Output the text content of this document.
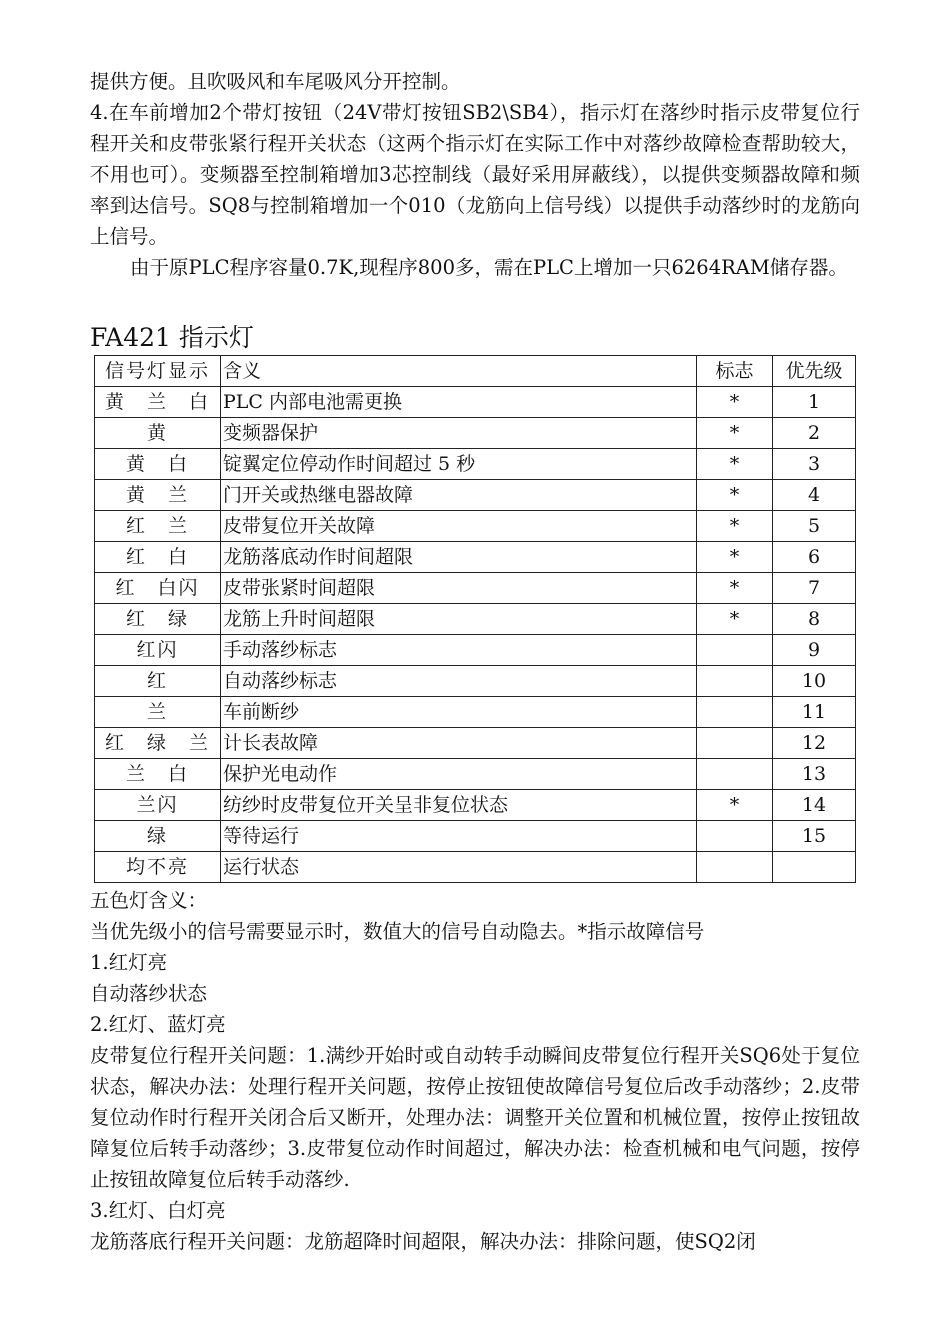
提供方便。且吹吸风和车尾吸风分开控制。

4.在车前增加2个带灯按钮（24V带灯按钮SB2\SB4），指示灯在落纱时指示皮带复位行程开关和皮带张紧行程开关状态（这两个指示灯在实际工作中对落纱故障检查帮助较大，不用也可）。变频器至控制箱增加3芯控制线（最好采用屏蔽线），以提供变频器故障和频率到达信号。SQ8与控制箱增加一个010（龙筋向上信号线）以提供手动落纱时的龙筋向上信号。

由于原PLC程序容量0.7K,现程序800多，需在PLC上增加一只6264RAM储存器。

FA421 指示灯
信号灯显示	含义	标志	优先级
黄　兰　白	PLC 内部电池需更换	*	1
黄	变频器保护	*	2
黄　白	锭翼定位停动作时间超过 5 秒	*	3
黄　兰	门开关或热继电器故障	*	4
红　兰	皮带复位开关故障	*	5
红　白	龙筋落底动作时间超限	*	6
红　白闪	皮带张紧时间超限	*	7
红　绿	龙筋上升时间超限	*	8
红闪	手动落纱标志		9
红	自动落纱标志		10
兰	车前断纱		11
红　绿　兰	计长表故障		12
兰　白	保护光电动作		13
兰闪	纺纱时皮带复位开关呈非复位状态	*	14
绿	等待运行		15
均不亮	运行状态		

五色灯含义：

当优先级小的信号需要显示时，数值大的信号自动隐去。*指示故障信号

1.红灯亮

自动落纱状态

2.红灯、蓝灯亮

皮带复位行程开关问题：1.满纱开始时或自动转手动瞬间皮带复位行程开关SQ6处于复位状态，解决办法：处理行程开关问题，按停止按钮使故障信号复位后改手动落纱；2.皮带复位动作时行程开关闭合后又断开，处理办法：调整开关位置和机械位置，按停止按钮故障复位后转手动落纱；3.皮带复位动作时间超过，解决办法：检查机械和电气问题，按停止按钮故障复位后转手动落纱.

3.红灯、白灯亮

龙筋落底行程开关问题：龙筋超降时间超限，解决办法：排除问题，使SQ2闭
